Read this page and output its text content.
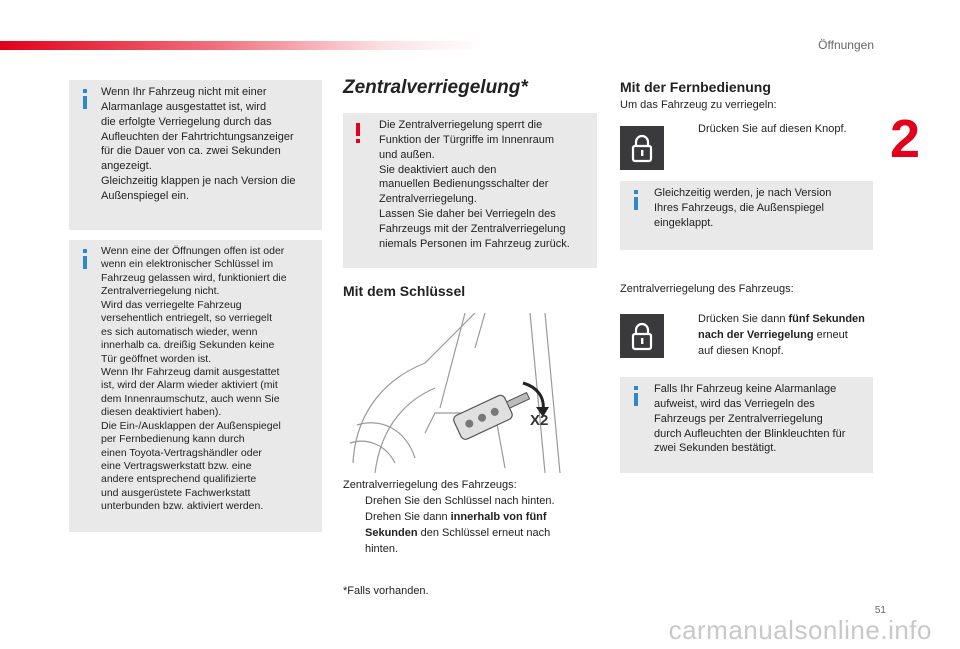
Öffnungen
2
Wenn Ihr Fahrzeug nicht mit einer
Alarmanlage ausgestattet ist, wird
die erfolgte Verriegelung durch das
Aufleuchten der Fahrtrichtungsanzeiger
für die Dauer von ca. zwei Sekunden
angezeigt.
Gleichzeitig klappen je nach Version die
Außenspiegel ein.
Wenn eine der Öffnungen offen ist oder
wenn ein elektronischer Schlüssel im
Fahrzeug gelassen wird, funktioniert die
Zentralverriegelung nicht.
Wird das verriegelte Fahrzeug
versehentlich entriegelt, so verriegelt
es sich automatisch wieder, wenn
innerhalb ca. dreißig Sekunden keine
Tür geöffnet worden ist.
Wenn Ihr Fahrzeug damit ausgestattet
ist, wird der Alarm wieder aktiviert (mit
dem Innenraumschutz, auch wenn Sie
diesen deaktiviert haben).
Die Ein-/Ausklappen der Außenspiegel
per Fernbedienung kann durch
einen Toyota-Vertragshändler oder
eine Vertragswerkstatt bzw. eine
andere entsprechend qualifizierte
und ausgerüstete Fachwerkstatt
unterbunden bzw. aktiviert werden.
Zentralverriegelung*
Die Zentralverriegelung sperrt die
Funktion der Türgriffe im Innenraum
und außen.
Sie deaktiviert auch den
manuellen Bedienungsschalter der
Zentralverriegelung.
Lassen Sie daher bei Verriegeln des
Fahrzeugs mit der Zentralverriegelung
niemals Personen im Fahrzeug zurück.
Mit dem Schlüssel
X2
Zentralverriegelung des Fahrzeugs:
Drehen Sie den Schlüssel nach hinten.
Drehen Sie dann innerhalb von fünf
Sekunden den Schlüssel erneut nach
hinten.
*Falls vorhanden.
Mit der Fernbedienung
Um das Fahrzeug zu verriegeln:
Drücken Sie auf diesen Knopf.
Gleichzeitig werden, je nach Version
Ihres Fahrzeugs, die Außenspiegel
eingeklappt.
Zentralverriegelung des Fahrzeugs:
Drücken Sie dann fünf Sekunden
nach der Verriegelung erneut
auf diesen Knopf.
Falls Ihr Fahrzeug keine Alarmanlage
aufweist, wird das Verriegeln des
Fahrzeugs per Zentralverriegelung
durch Aufleuchten der Blinkleuchten für
zwei Sekunden bestätigt.
51
carmanualsonline.info
